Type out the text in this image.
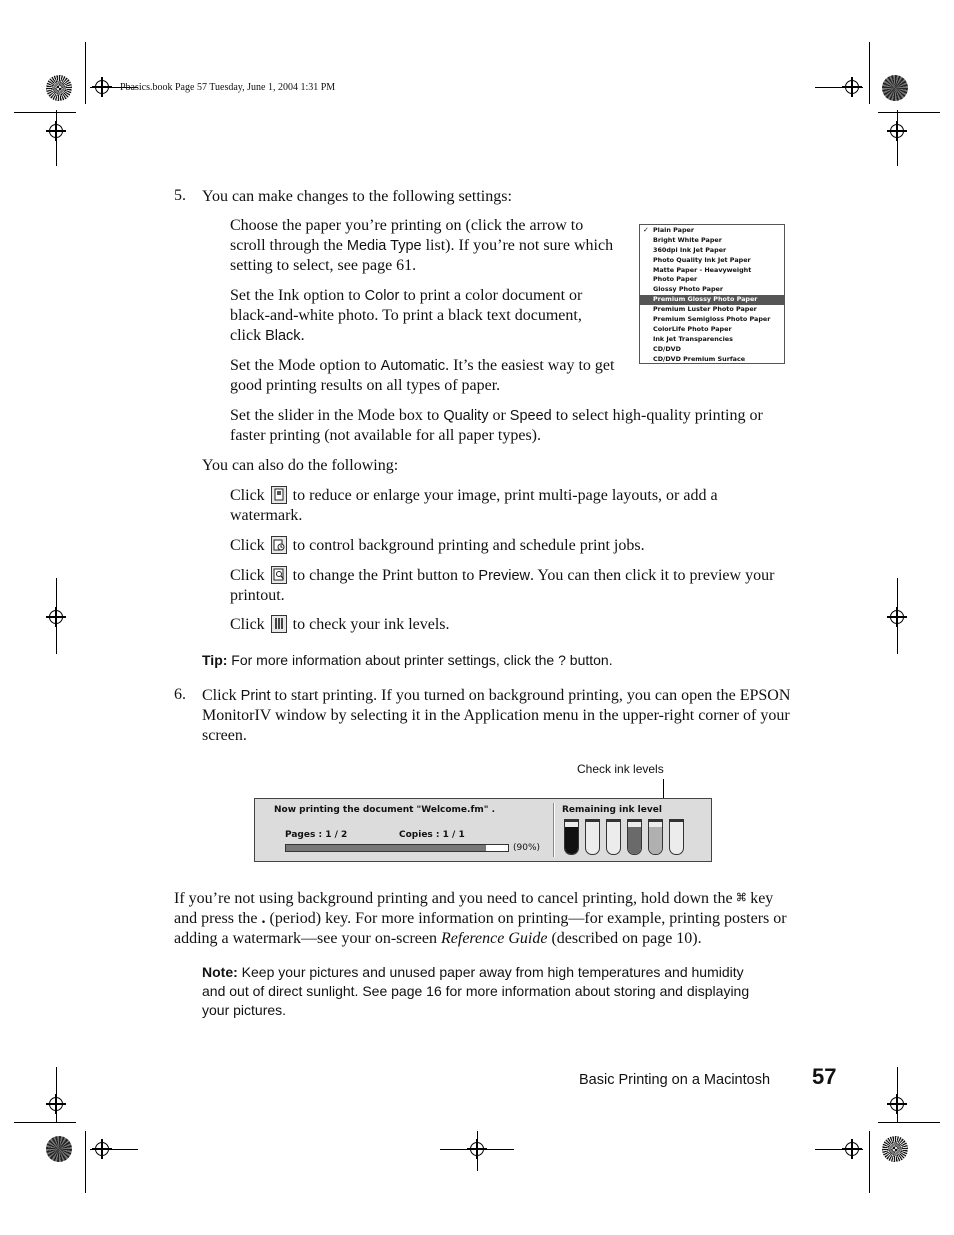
Pbasics.book Page 57 Tuesday, June 1, 2004 1:31 PM
5. You can make changes to the following settings:

Choose the paper you’re printing on (click the arrow to scroll through the Media Type list). If you’re not sure which setting to select, see page 61.

Set the Ink option to Color to print a color document or black-and-white photo. To print a black text document, click Black.

Set the Mode option to Automatic. It’s the easiest way to get good printing results on all types of paper.

Set the slider in the Mode box to Quality or Speed to select high-quality printing or faster printing (not available for all paper types).

✓ Plain Paper
Bright White Paper
360dpi Ink Jet Paper
Photo Quality Ink Jet Paper
Matte Paper - Heavyweight
Photo Paper
Glossy Photo Paper
Premium Glossy Photo Paper
Premium Luster Photo Paper
Premium Semigloss Photo Paper
ColorLife Photo Paper
Ink Jet Transparencies
CD/DVD
CD/DVD Premium Surface

You can also do the following:

Click to reduce or enlarge your image, print multi-page layouts, or add a watermark.

Click to control background printing and schedule print jobs.

Click to change the Print button to Preview. You can then click it to preview your printout.

Click to check your ink levels.

Tip: For more information about printer settings, click the ? button.

6. Click Print to start printing. If you turned on background printing, you can open the EPSON MonitorIV window by selecting it in the Application menu in the upper-right corner of your screen.

Check ink levels
Now printing the document "Welcome.fm" .
Pages : 1 / 2	Copies : 1 / 1
(90%)
Remaining ink level

If you’re not using background printing and you need to cancel printing, hold down the ⌘ key and press the . (period) key. For more information on printing—for example, printing posters or adding a watermark—see your on-screen Reference Guide (described on page 10).

Note: Keep your pictures and unused paper away from high temperatures and humidity and out of direct sunlight. See page 16 for more information about storing and displaying your pictures.

Basic Printing on a Macintosh 57
